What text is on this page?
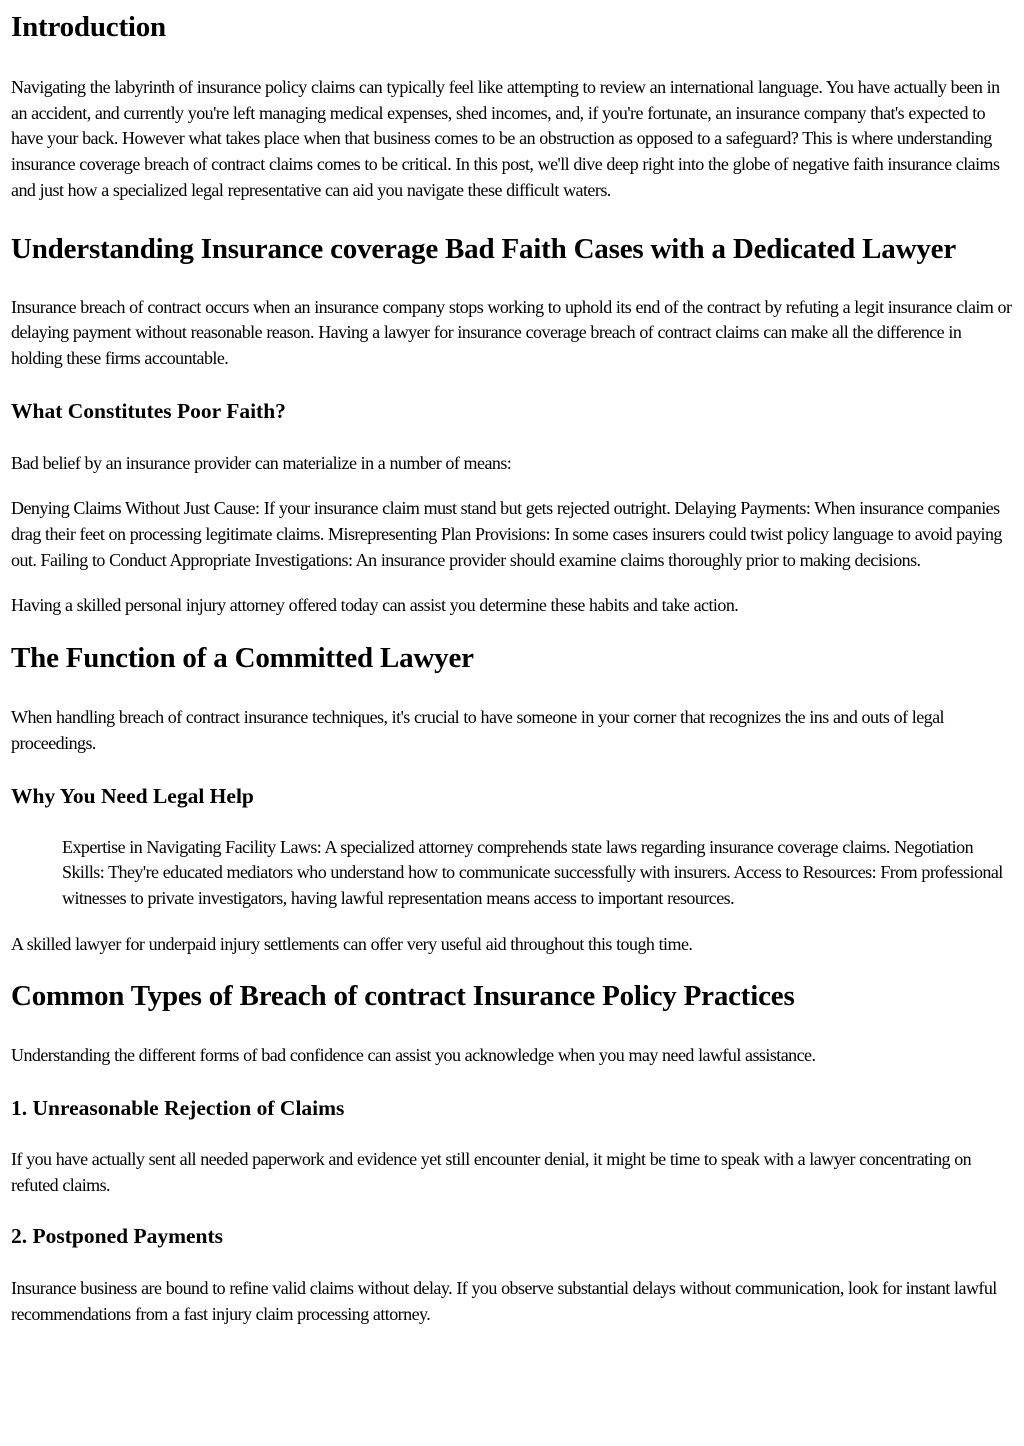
Introduction

Navigating the labyrinth of insurance policy claims can typically feel like attempting to review an international language. You have actually been in an accident, and currently you're left managing medical expenses, shed incomes, and, if you're fortunate, an insurance company that's expected to have your back. However what takes place when that business comes to be an obstruction as opposed to a safeguard? This is where understanding insurance coverage breach of contract claims comes to be critical. In this post, we'll dive deep right into the globe of negative faith insurance claims and just how a specialized legal representative can aid you navigate these difficult waters.

Understanding Insurance coverage Bad Faith Cases with a Dedicated Lawyer

Insurance breach of contract occurs when an insurance company stops working to uphold its end of the contract by refuting a legit insurance claim or delaying payment without reasonable reason. Having a lawyer for insurance coverage breach of contract claims can make all the difference in holding these firms accountable.

What Constitutes Poor Faith?

Bad belief by an insurance provider can materialize in a number of means:

Denying Claims Without Just Cause: If your insurance claim must stand but gets rejected outright. Delaying Payments: When insurance companies drag their feet on processing legitimate claims. Misrepresenting Plan Provisions: In some cases insurers could twist policy language to avoid paying out. Failing to Conduct Appropriate Investigations: An insurance provider should examine claims thoroughly prior to making decisions.

Having a skilled personal injury attorney offered today can assist you determine these habits and take action.

The Function of a Committed Lawyer

When handling breach of contract insurance techniques, it's crucial to have someone in your corner that recognizes the ins and outs of legal proceedings.

Why You Need Legal Help

Expertise in Navigating Facility Laws: A specialized attorney comprehends state laws regarding insurance coverage claims. Negotiation Skills: They're educated mediators who understand how to communicate successfully with insurers. Access to Resources: From professional witnesses to private investigators, having lawful representation means access to important resources.

A skilled lawyer for underpaid injury settlements can offer very useful aid throughout this tough time.

Common Types of Breach of contract Insurance Policy Practices

Understanding the different forms of bad confidence can assist you acknowledge when you may need lawful assistance.

1. Unreasonable Rejection of Claims

If you have actually sent all needed paperwork and evidence yet still encounter denial, it might be time to speak with a lawyer concentrating on refuted claims.

2. Postponed Payments

Insurance business are bound to refine valid claims without delay. If you observe substantial delays without communication, look for instant lawful recommendations from a fast injury claim processing attorney.
